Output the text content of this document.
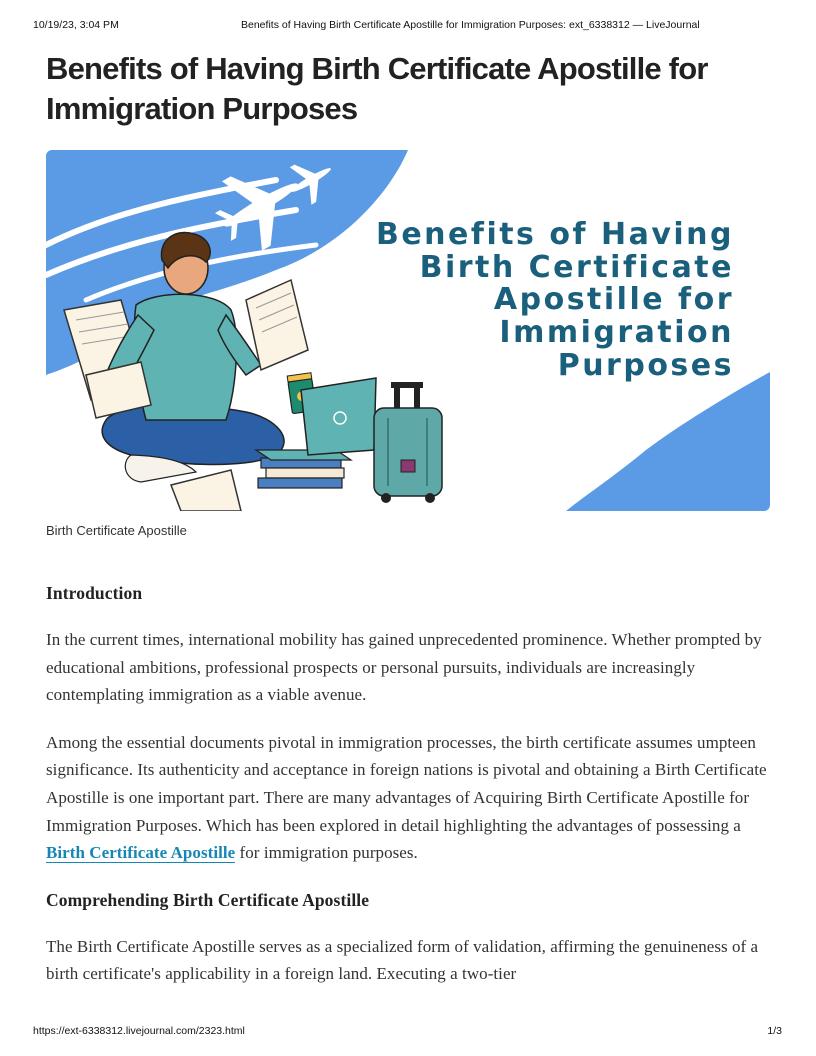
10/19/23, 3:04 PM	Benefits of Having Birth Certificate Apostille for Immigration Purposes: ext_6338312 — LiveJournal
Benefits of Having Birth Certificate Apostille for Immigration Purposes
Benefits of Having
Birth Certificate
Apostille for
Immigration
Purposes
Birth Certificate Apostille
Introduction

In the current times, international mobility has gained unprecedented prominence. Whether prompted by educational ambitions, professional prospects or personal pursuits, individuals are increasingly contemplating immigration as a viable avenue.

Among the essential documents pivotal in immigration processes, the birth certificate assumes umpteen significance. Its authenticity and acceptance in foreign nations is pivotal and obtaining a Birth Certificate Apostille is one important part. There are many advantages of Acquiring Birth Certificate Apostille for Immigration Purposes. Which has been explored in detail highlighting the advantages of possessing a Birth Certificate Apostille for immigration purposes.

Comprehending Birth Certificate Apostille

The Birth Certificate Apostille serves as a specialized form of validation, affirming the genuineness of a birth certificate's applicability in a foreign land. Executing a two-tier

https://ext-6338312.livejournal.com/2323.html	1/3
